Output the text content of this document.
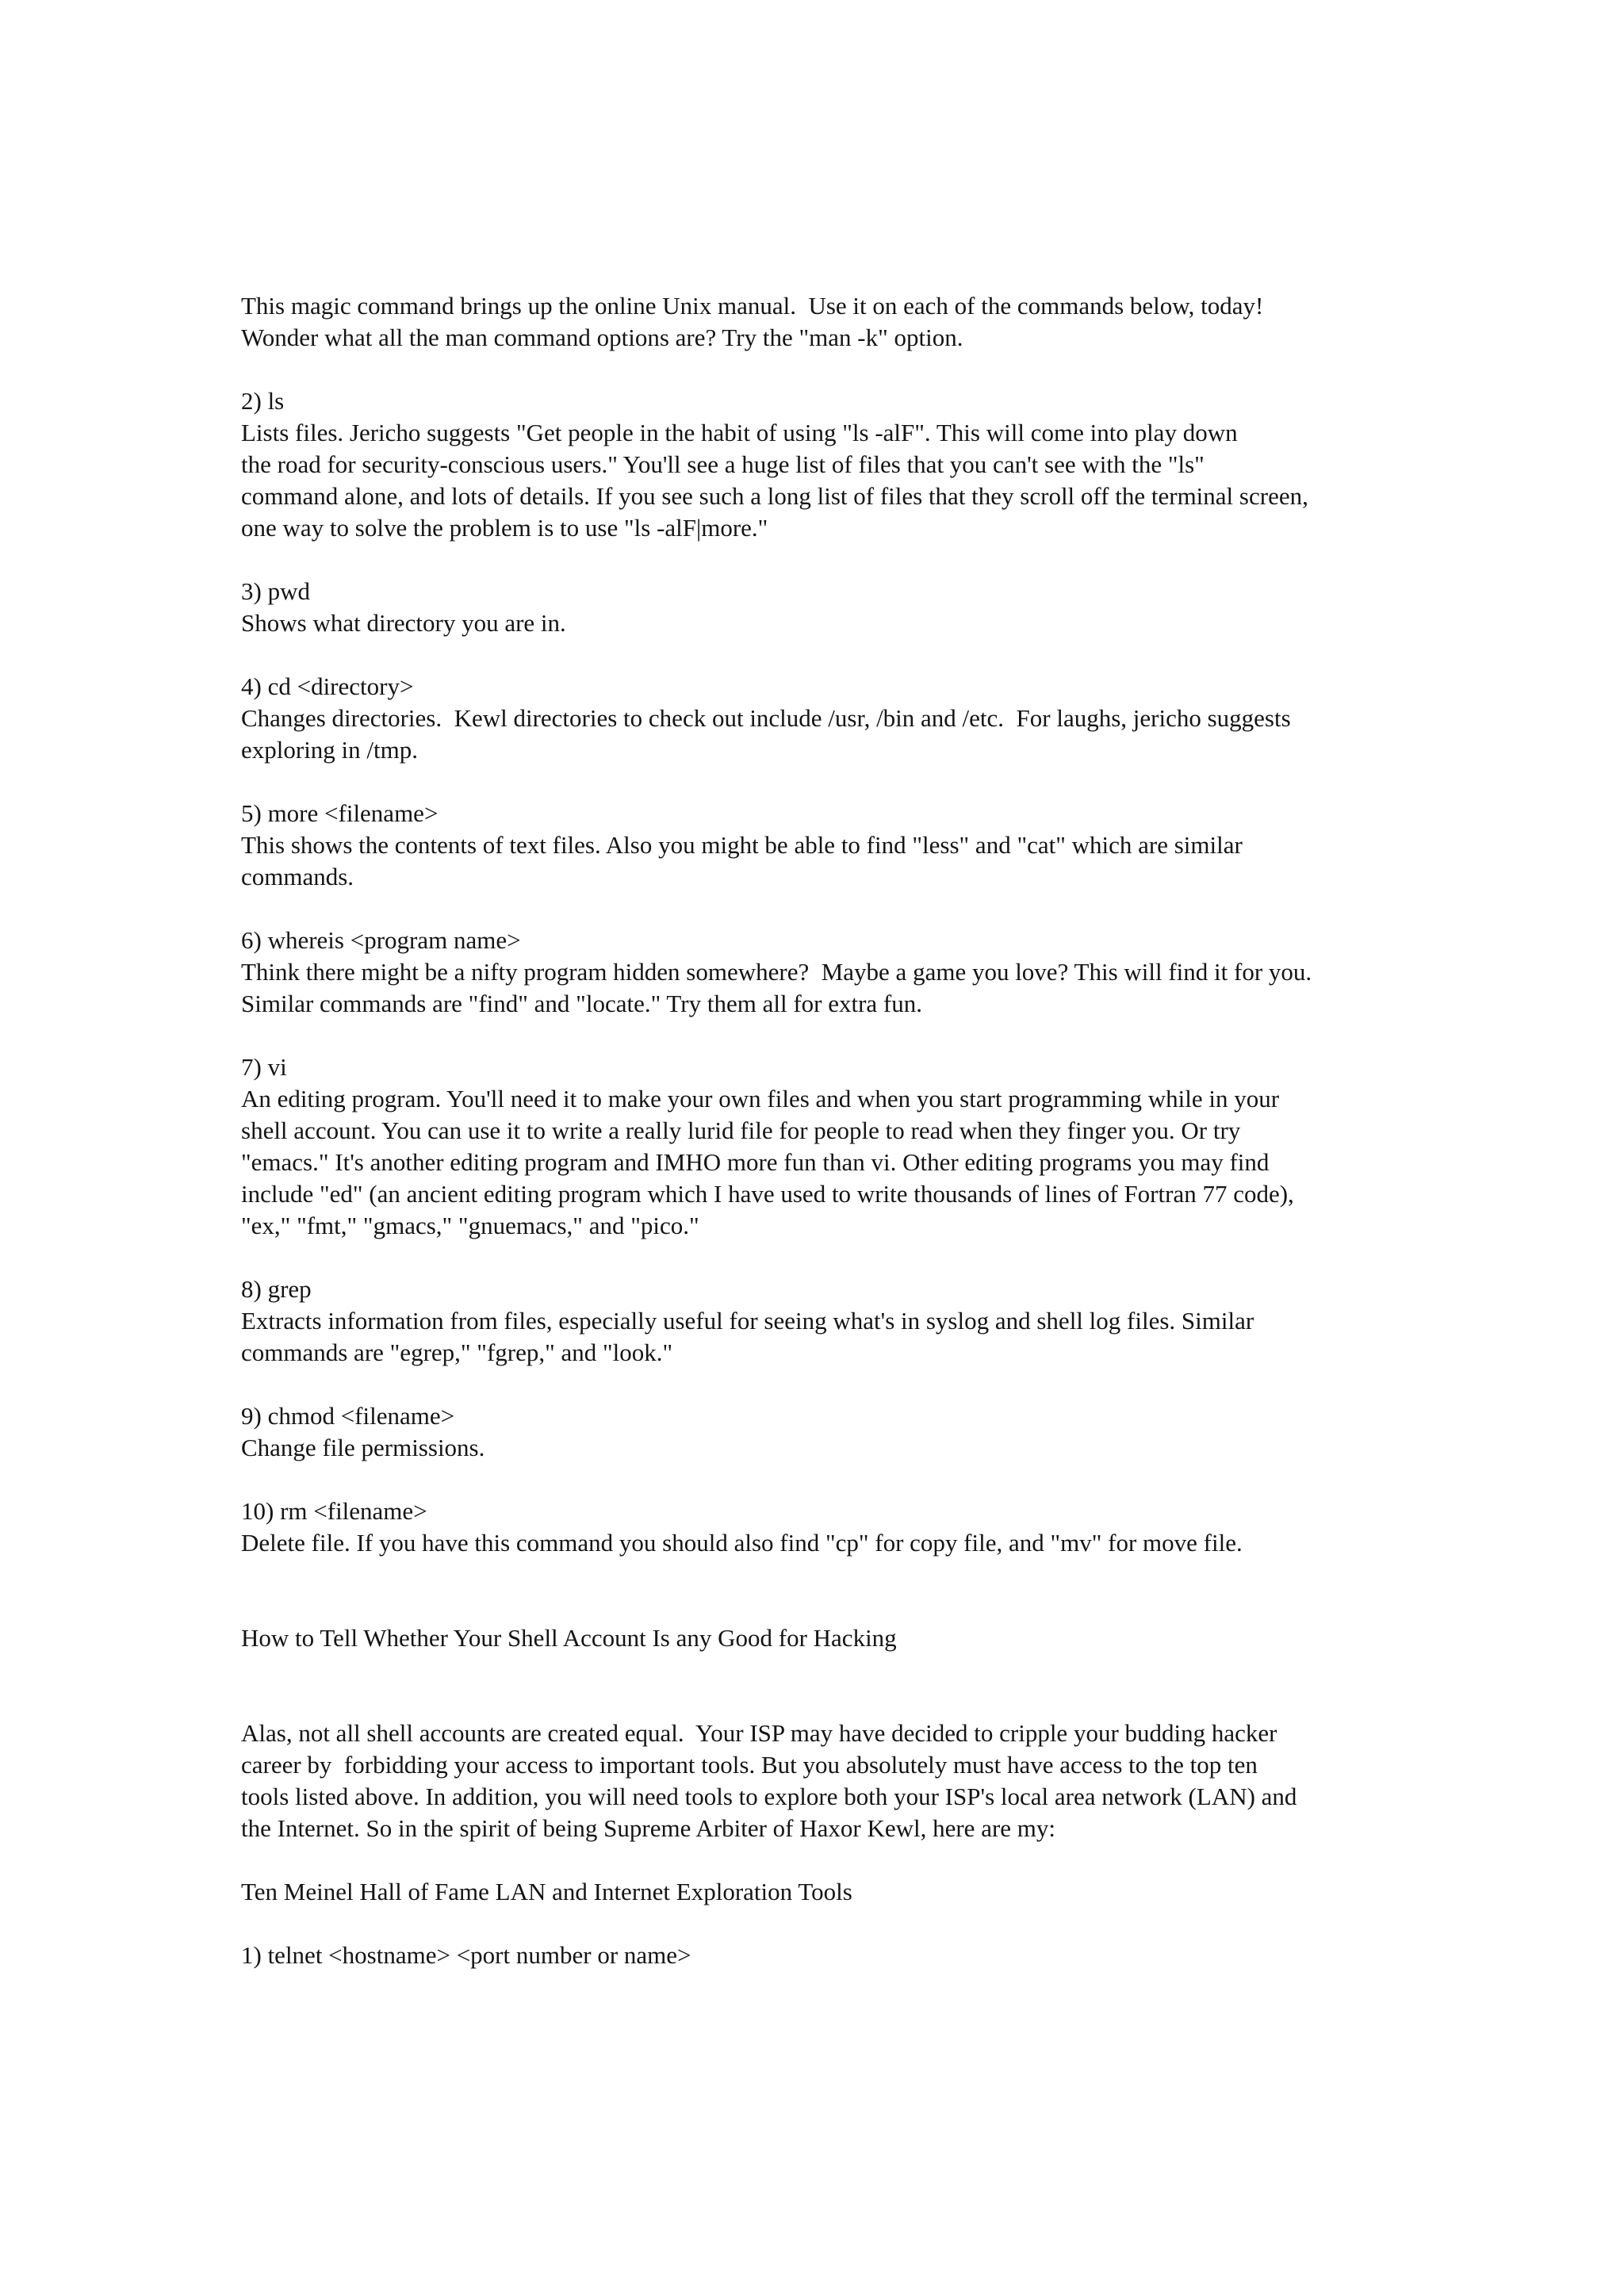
This magic command brings up the online Unix manual.  Use it on each of the commands below, today!

Wonder what all the man command options are? Try the "man -k" option.

2) ls

Lists files. Jericho suggests "Get people in the habit of using "ls -alF". This will come into play down

the road for security-conscious users." You'll see a huge list of files that you can't see with the "ls"

command alone, and lots of details. If you see such a long list of files that they scroll off the terminal screen,

one way to solve the problem is to use "ls -alF|more."

3) pwd

Shows what directory you are in.

4) cd <directory>

Changes directories.  Kewl directories to check out include /usr, /bin and /etc.  For laughs, jericho suggests

exploring in /tmp.

5) more <filename>

This shows the contents of text files. Also you might be able to find "less" and "cat" which are similar

commands.

6) whereis <program name>

Think there might be a nifty program hidden somewhere?  Maybe a game you love? This will find it for you.

Similar commands are "find" and "locate." Try them all for extra fun.

7) vi

An editing program. You'll need it to make your own files and when you start programming while in your

shell account. You can use it to write a really lurid file for people to read when they finger you. Or try

"emacs." It's another editing program and IMHO more fun than vi. Other editing programs you may find

include "ed" (an ancient editing program which I have used to write thousands of lines of Fortran 77 code),

"ex," "fmt," "gmacs," "gnuemacs," and "pico."

8) grep

Extracts information from files, especially useful for seeing what's in syslog and shell log files. Similar

commands are "egrep," "fgrep," and "look."

9) chmod <filename>

Change file permissions.

10) rm <filename>

Delete file. If you have this command you should also find "cp" for copy file, and "mv" for move file.

How to Tell Whether Your Shell Account Is any Good for Hacking

Alas, not all shell accounts are created equal.  Your ISP may have decided to cripple your budding hacker

career by  forbidding your access to important tools. But you absolutely must have access to the top ten

tools listed above. In addition, you will need tools to explore both your ISP's local area network (LAN) and

the Internet. So in the spirit of being Supreme Arbiter of Haxor Kewl, here are my:

Ten Meinel Hall of Fame LAN and Internet Exploration Tools

1) telnet <hostname> <port number or name>
